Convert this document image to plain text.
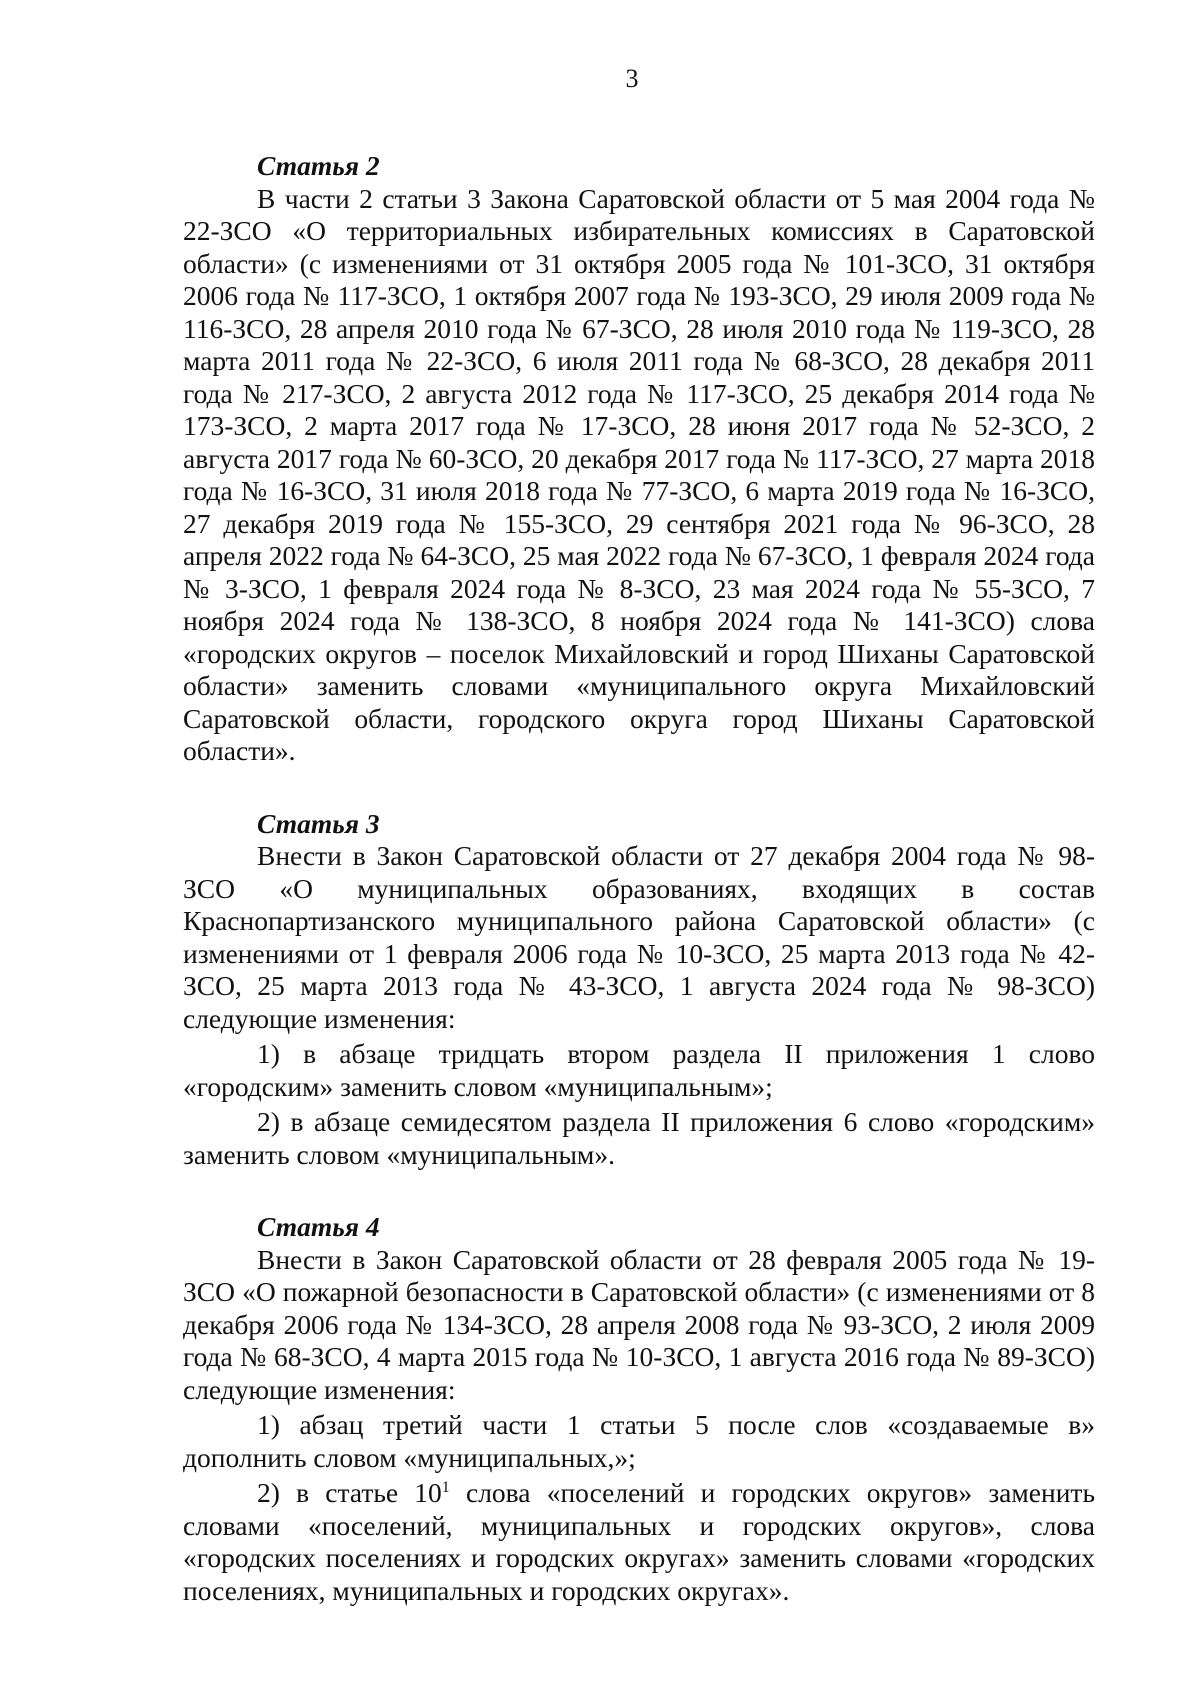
3

Статья 2

В части 2 статьи 3 Закона Саратовской области от 5 мая 2004 года № 22-ЗСО «О территориальных избирательных комиссиях в Саратовской области» (с изменениями от 31 октября 2005 года № 101-ЗСО, 31 октября 2006 года № 117-ЗСО, 1 октября 2007 года № 193-ЗСО, 29 июля 2009 года № 116-ЗСО, 28 апреля 2010 года № 67-ЗСО, 28 июля 2010 года № 119-ЗСО, 28 марта 2011 года № 22-ЗСО, 6 июля 2011 года № 68-ЗСО, 28 декабря 2011 года № 217-ЗСО, 2 августа 2012 года № 117-ЗСО, 25 декабря 2014 года № 173-ЗСО, 2 марта 2017 года № 17-ЗСО, 28 июня 2017 года № 52-ЗСО, 2 августа 2017 года № 60-ЗСО, 20 декабря 2017 года № 117-ЗСО, 27 марта 2018 года № 16-ЗСО, 31 июля 2018 года № 77-ЗСО, 6 марта 2019 года № 16-ЗСО, 27 декабря 2019 года № 155-ЗСО, 29 сентября 2021 года № 96-ЗСО, 28 апреля 2022 года № 64-ЗСО, 25 мая 2022 года № 67-ЗСО, 1 февраля 2024 года № 3-ЗСО, 1 февраля 2024 года № 8-ЗСО, 23 мая 2024 года № 55-ЗСО, 7 ноября 2024 года № 138-ЗСО, 8 ноября 2024 года № 141-ЗСО) слова «городских округов – поселок Михайловский и город Шиханы Саратовской области» заменить словами «муниципального округа Михайловский Саратовской области, городского округа город Шиханы Саратовской области».

Статья 3

Внести в Закон Саратовской области от 27 декабря 2004 года № 98-ЗСО «О муниципальных образованиях, входящих в состав Краснопартизанского муниципального района Саратовской области» (с изменениями от 1 февраля 2006 года № 10-ЗСО, 25 марта 2013 года № 42-ЗСО, 25 марта 2013 года № 43-ЗСО, 1 августа 2024 года № 98-ЗСО) следующие изменения:

1) в абзаце тридцать втором раздела II приложения 1 слово «городским» заменить словом «муниципальным»;

2) в абзаце семидесятом раздела II приложения 6 слово «городским» заменить словом «муниципальным».

Статья 4

Внести в Закон Саратовской области от 28 февраля 2005 года № 19-ЗСО «О пожарной безопасности в Саратовской области» (с изменениями от 8 декабря 2006 года № 134-ЗСО, 28 апреля 2008 года № 93-ЗСО, 2 июля 2009 года № 68-ЗСО, 4 марта 2015 года № 10-ЗСО, 1 августа 2016 года № 89-ЗСО) следующие изменения:

1) абзац третий части 1 статьи 5 после слов «создаваемые в» дополнить словом «муниципальных,»;

2) в статье $10^1$ слова «поселений и городских округов» заменить словами «поселений, муниципальных и городских округов», слова «городских поселениях и городских округах» заменить словами «городских поселениях, муниципальных и городских округах».
